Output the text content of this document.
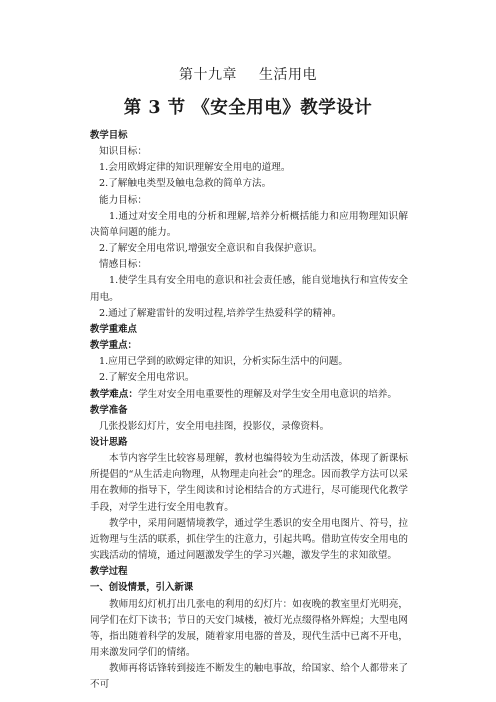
第十九章 生活用电
第 3 节 《安全用电》教学设计

教学目标

知识目标：

1.会用欧姆定律的知识理解安全用电的道理。

2.了解触电类型及触电急救的简单方法。

能力目标：

1.通过对安全用电的分析和理解,培养分析概括能力和应用物理知识解决简单问题的能力。

2.了解安全用电常识,增强安全意识和自我保护意识。

情感目标：

1.使学生具有安全用电的意识和社会责任感，能自觉地执行和宣传安全用电。

2.通过了解避雷针的发明过程,培养学生热爱科学的精神。

教学重难点

教学重点：

1.应用已学到的欧姆定律的知识，分析实际生活中的问题。

2.了解安全用电常识。

教学难点：学生对安全用电重要性的理解及对学生安全用电意识的培养。

教学准备

几张投影幻灯片，安全用电挂图，投影仪，录像资料。

设计思路

本节内容学生比较容易理解，教材也编得较为生动活泼，体现了新课标所提倡的“从生活走向物理，从物理走向社会”的理念。因而教学方法可以采用在教师的指导下，学生阅读和讨论相结合的方式进行，尽可能现代化教学手段，对学生进行安全用电教育。

教学中，采用问题情境教学，通过学生悉识的安全用电图片、符号，拉近物理与生活的联系，抓住学生的注意力，引起共鸣。借助宣传安全用电的实践活动的情境，通过问题激发学生的学习兴趣，激发学生的求知欲望。

教学过程

一、创设情景，引入新课

教师用幻灯机打出几张电的利用的幻灯片：如夜晚的教室里灯光明亮，同学们在灯下读书；节日的天安门城楼，被灯光点缀得格外辉煌；大型电网等，指出随着科学的发展，随着家用电器的普及，现代生活中已离不开电，用来激发同学们的情绪。

教师再将话锋转到接连不断发生的触电事故，给国家、给个人都带来了不可
